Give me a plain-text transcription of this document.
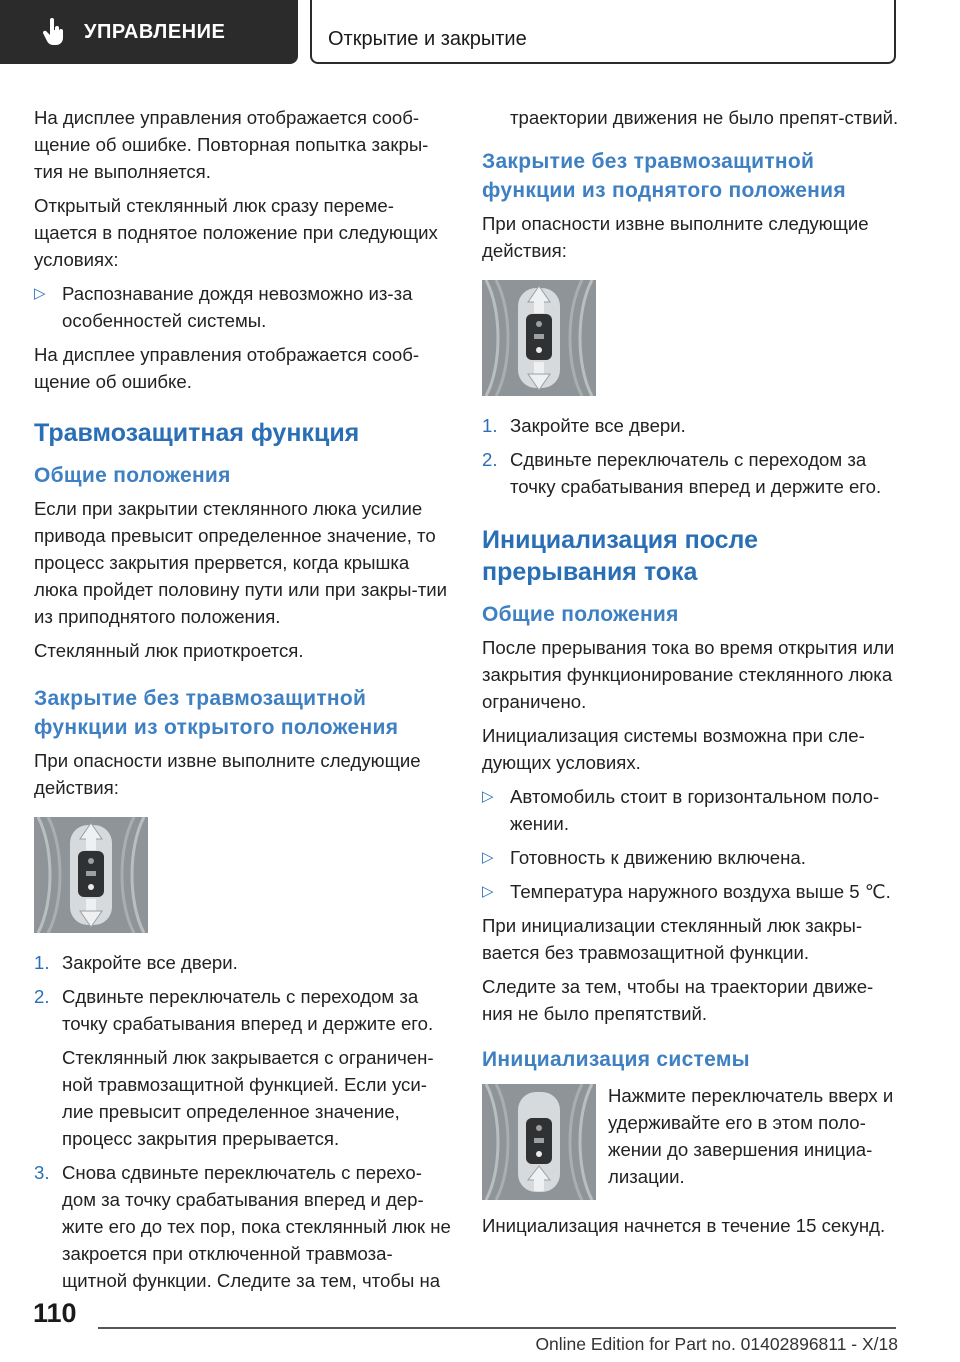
УПРАВЛЕНИЕ	Открытие и закрытие

На дисплее управления отображается сооб-щение об ошибке. Повторная попытка закры-тия не выполняется.

Открытый стеклянный люк сразу переме-щается в поднятое положение при следующих условиях:

▷ Распознавание дождя невозможно из-за особенностей системы.

На дисплее управления отображается сооб-щение об ошибке.

Травмозащитная функция
Общие положения

Если при закрытии стеклянного люка усилие привода превысит определенное значение, то процесс закрытия прервется, когда крышка люка пройдет половину пути или при закры-тии из приподнятого положения.

Стеклянный люк приоткроется.

Закрытие без травмозащитной функции из открытого положения

При опасности извне выполните следующие действия:

1. Закройте все двери.
2. Сдвиньте переключатель с переходом за точку срабатывания вперед и держите его.

Стеклянный люк закрывается с ограничен-ной травмозащитной функцией. Если уси-лие превысит определенное значение, процесс закрытия прерывается.

3. Снова сдвиньте переключатель с перехо-дом за точку срабатывания вперед и дер-жите его до тех пор, пока стеклянный люк не закроется при отключенной травмоза-щитной функции. Следите за тем, чтобы на

траектории движения не было препят-ствий.

Закрытие без травмозащитной функции из поднятого положения

При опасности извне выполните следующие действия:

1. Закройте все двери.
2. Сдвиньте переключатель с переходом за точку срабатывания вперед и держите его.
Инициализация после прерывания тока
Общие положения

После прерывания тока во время открытия или закрытия функционирование стеклянного люка ограничено.

Инициализация системы возможна при сле-дующих условиях.

▷ Автомобиль стоит в горизонтальном поло-жении.
▷ Готовность к движению включена.
▷ Температура наружного воздуха выше 5 ℃.

При инициализации стеклянный люк закры-вается без травмозащитной функции.

Следите за тем, чтобы на траектории движе-ния не было препятствий.

Инициализация системы

Нажмите переключатель вверх и удерживайте его в этом поло-жении до завершения инициа-лизации.

Инициализация начнется в течение 15 секунд.

110
Online Edition for Part no. 01402896811 - X/18
